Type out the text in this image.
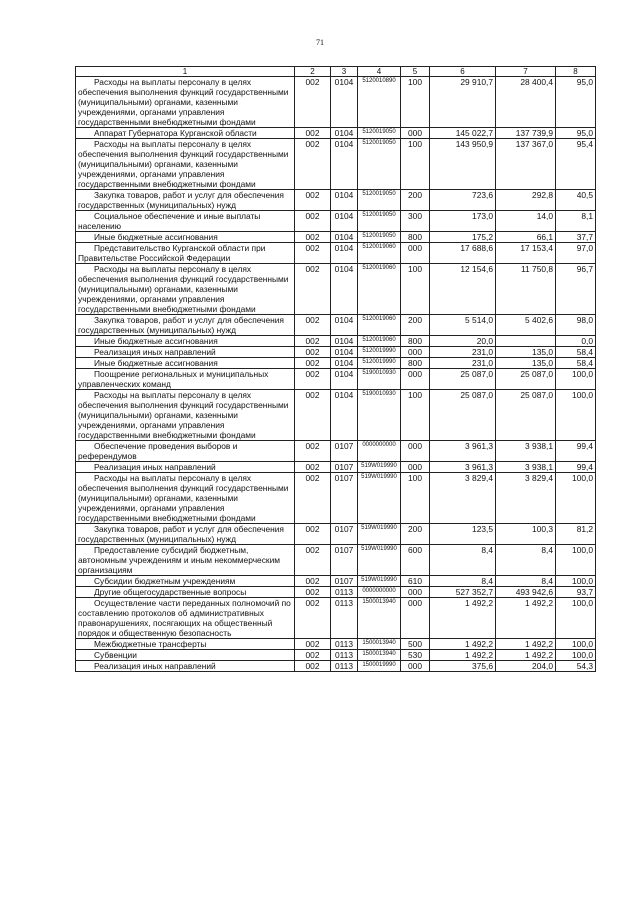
71
1	2	3	4	5	6	7	8
Расходы на выплаты персоналу в целях обеспечения выполнения функций государственными (муниципальными) органами, казенными учреждениями, органами управления государственными внебюджетными фондами	002	0104	5120010890	100	29 910,7	28 400,4	95,0
Аппарат Губернатора Курганской области	002	0104	5120019050	000	145 022,7	137 739,9	95,0
Расходы на выплаты персоналу в целях обеспечения выполнения функций государственными (муниципальными) органами, казенными учреждениями, органами управления государственными внебюджетными фондами	002	0104	5120019050	100	143 950,9	137 367,0	95,4
Закупка товаров, работ и услуг для обеспечения государственных (муниципальных) нужд	002	0104	5120019050	200	723,6	292,8	40,5
Социальное обеспечение и иные выплаты населению	002	0104	5120019050	300	173,0	14,0	8,1
Иные бюджетные ассигнования	002	0104	5120019050	800	175,2	66,1	37,7
Представительство Курганской области при Правительстве Российской Федерации	002	0104	5120019060	000	17 688,6	17 153,4	97,0
Расходы на выплаты персоналу в целях обеспечения выполнения функций государственными (муниципальными) органами, казенными учреждениями, органами управления государственными внебюджетными фондами	002	0104	5120019060	100	12 154,6	11 750,8	96,7
Закупка товаров, работ и услуг для обеспечения государственных (муниципальных) нужд	002	0104	5120019060	200	5 514,0	5 402,6	98,0
Иные бюджетные ассигнования	002	0104	5120019060	800	20,0		0,0
Реализация иных направлений	002	0104	5120019990	000	231,0	135,0	58,4
Иные бюджетные ассигнования	002	0104	5120019990	800	231,0	135,0	58,4
Поощрение региональных и муниципальных управленческих команд	002	0104	5190010930	000	25 087,0	25 087,0	100,0
Расходы на выплаты персоналу в целях обеспечения выполнения функций государственными (муниципальными) органами, казенными учреждениями, органами управления государственными внебюджетными фондами	002	0104	5190010930	100	25 087,0	25 087,0	100,0
Обеспечение проведения выборов и референдумов	002	0107	0000000000	000	3 961,3	3 938,1	99,4
Реализация иных направлений	002	0107	519W019990	000	3 961,3	3 938,1	99,4
Расходы на выплаты персоналу в целях обеспечения выполнения функций государственными (муниципальными) органами, казенными учреждениями, органами управления государственными внебюджетными фондами	002	0107	519W019990	100	3 829,4	3 829,4	100,0
Закупка товаров, работ и услуг для обеспечения государственных (муниципальных) нужд	002	0107	519W019990	200	123,5	100,3	81,2
Предоставление субсидий бюджетным, автономным учреждениям и иным некоммерческим организациям	002	0107	519W019990	600	8,4	8,4	100,0
Субсидии бюджетным учреждениям	002	0107	519W019990	610	8,4	8,4	100,0
Другие общегосударственные вопросы	002	0113	0000000000	000	527 352,7	493 942,6	93,7
Осуществление части переданных полномочий по составлению протоколов об административных правонарушениях, посягающих на общественный порядок и общественную безопасность	002	0113	1500013940	000	1 492,2	1 492,2	100,0
Межбюджетные трансферты	002	0113	1500013940	500	1 492,2	1 492,2	100,0
Субвенции	002	0113	1500013940	530	1 492,2	1 492,2	100,0
Реализация иных направлений	002	0113	1500019990	000	375,6	204,0	54,3
